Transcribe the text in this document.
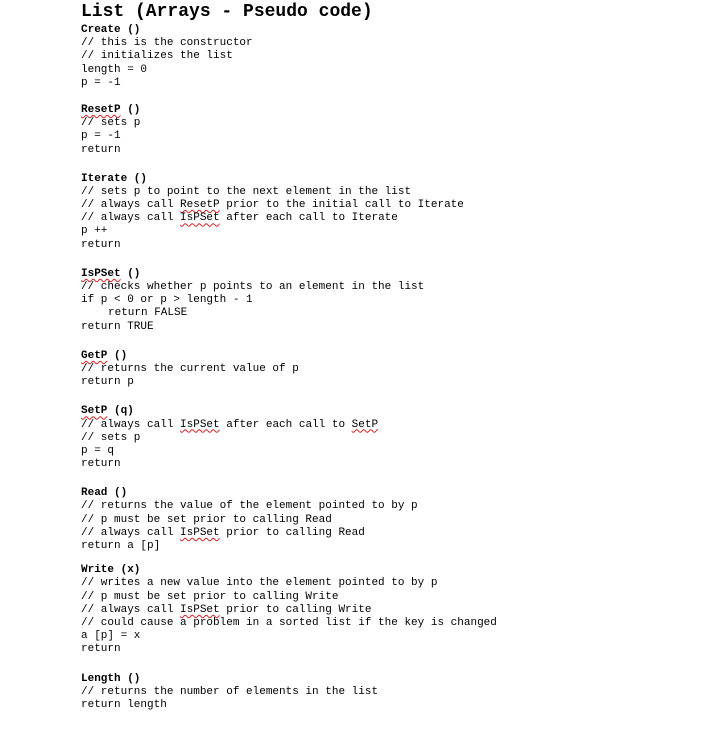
List (Arrays - Pseudo code)
Create ()
// this is the constructor
// initializes the list
length = 0
p = -1
ResetP ()
// sets p
p = -1
return
Iterate ()
// sets p to point to the next element in the list
// always call ResetP prior to the initial call to Iterate
// always call IsPSet after each call to Iterate
p ++
return
IsPSet ()
// checks whether p points to an element in the list
if p < 0 or p > length - 1
return FALSE
return TRUE
GetP ()
// returns the current value of p
return p
SetP (q)
// always call IsPSet after each call to SetP
// sets p
p = q
return
Read ()
// returns the value of the element pointed to by p
// p must be set prior to calling Read
// always call IsPSet prior to calling Read
return a [p]
Write (x)
// writes a new value into the element pointed to by p
// p must be set prior to calling Write
// always call IsPSet prior to calling Write
// could cause a problem in a sorted list if the key is changed
a [p] = x
return
Length ()
// returns the number of elements in the list
return length
